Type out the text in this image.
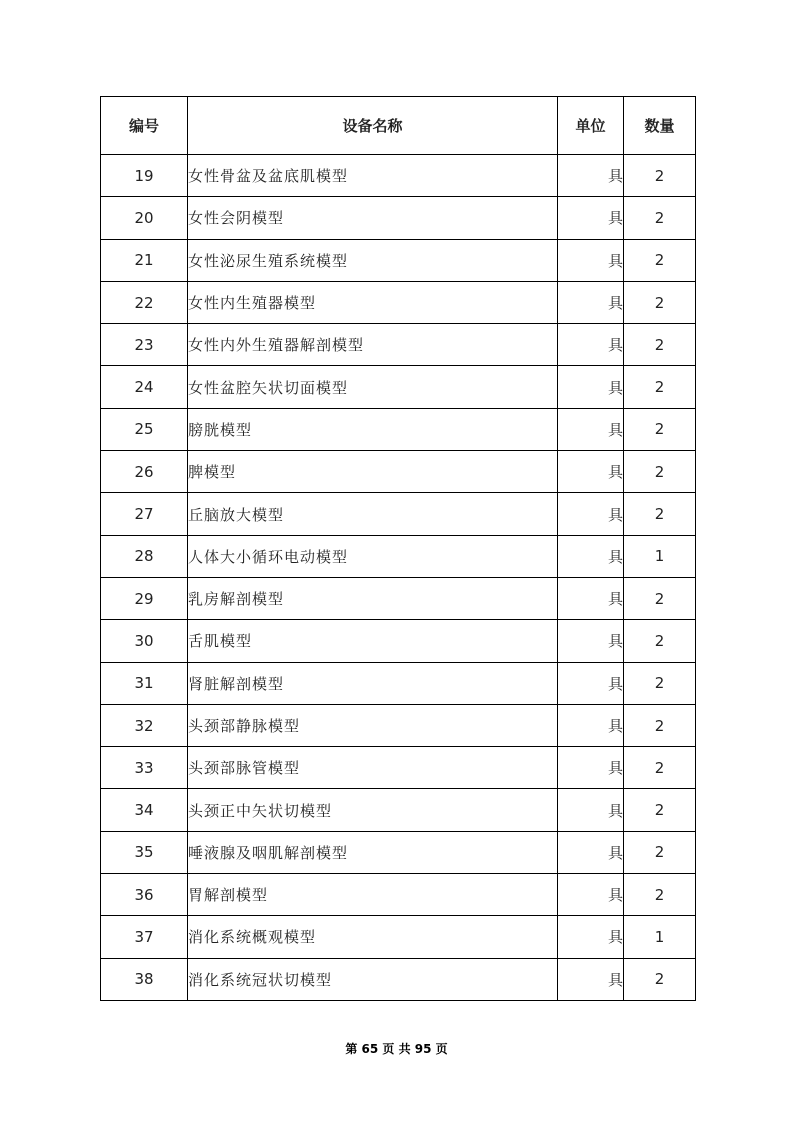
编号	设备名称	单位	数量
19	女性骨盆及盆底肌模型	具	2
20	女性会阴模型	具	2
21	女性泌尿生殖系统模型	具	2
22	女性内生殖器模型	具	2
23	女性内外生殖器解剖模型	具	2
24	女性盆腔矢状切面模型	具	2
25	膀胱模型	具	2
26	脾模型	具	2
27	丘脑放大模型	具	2
28	人体大小循环电动模型	具	1
29	乳房解剖模型	具	2
30	舌肌模型	具	2
31	肾脏解剖模型	具	2
32	头颈部静脉模型	具	2
33	头颈部脉管模型	具	2
34	头颈正中矢状切模型	具	2
35	唾液腺及咽肌解剖模型	具	2
36	胃解剖模型	具	2
37	消化系统概观模型	具	1
38	消化系统冠状切模型	具	2
第 65 页 共 95 页
